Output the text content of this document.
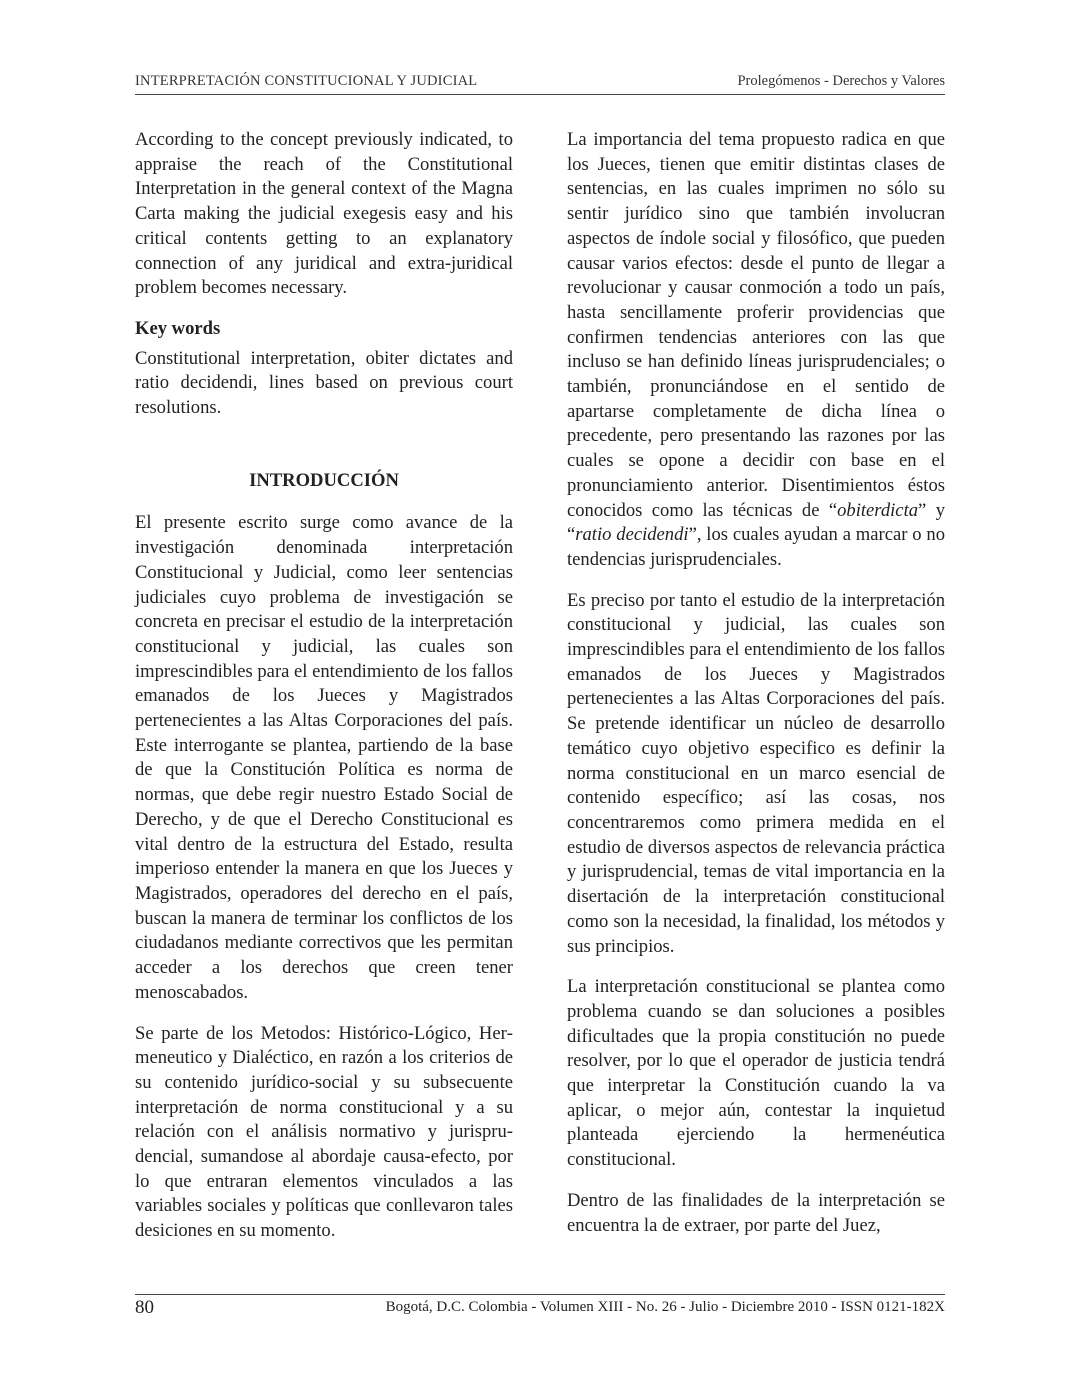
INTERPRETACIÓN CONSTITUCIONAL Y JUDICIAL	Prolegómenos - Derechos y Valores

According to the concept previously indicated, to appraise the reach of the Constitutional Interpretation in the general context of the Magna Carta making the judicial exegesis easy and his critical contents getting to an explanatory connection of any juridical and extra-juridical problem becomes necessary.

Key words

Constitutional interpretation, obiter dictates and ratio decidendi, lines based on previous court resolutions.

INTRODUCCIÓN

El presente escrito surge como avance de la investigación denominada interpretación Constitucional y Judicial, como leer sentencias judiciales cuyo problema de investigación se concreta en precisar el estudio de la interpretación constitucional y judicial, las cuales son imprescindibles para el entendimiento de los fallos emanados de los Jueces y Magistrados pertenecientes a las Altas Corporaciones del país. Este interrogante se plantea, partiendo de la base de que la Constitución Política es norma de normas, que debe regir nuestro Estado Social de Derecho, y de que el Derecho Constitucional es vital dentro de la estructura del Estado, resulta imperioso entender la manera en que los Jueces y Magistrados, operadores del derecho en el país, buscan la manera de terminar los conflictos de los ciudadanos mediante correctivos que les permitan acceder a los derechos que creen tener menoscabados.

Se parte de los Metodos: Histórico-Lógico, Hermeneutico y Dialéctico, en razón a los criterios de su contenido jurídico-social y su subsecuente interpretación de norma constitucional y a su relación con el análisis normativo y jurisprudencial, sumandose al abordaje causa-efecto, por lo que entraran elementos vinculados a las variables sociales y políticas que conllevaron tales desiciones en su momento.

La importancia del tema propuesto radica en que los Jueces, tienen que emitir distintas clases de sentencias, en las cuales imprimen no sólo su sentir jurídico sino que también involucran aspectos de índole social y filosófico, que pueden causar varios efectos: desde el punto de llegar a revolucionar y causar conmoción a todo un país, hasta sencillamente proferir providencias que confirmen tendencias anteriores con las que incluso se han definido líneas jurisprudenciales; o también, pronunciándose en el sentido de apartarse completamente de dicha línea o precedente, pero presentando las razones por las cuales se opone a decidir con base en el pronunciamiento anterior. Disentimientos éstos conocidos como las técnicas de “obiterdicta” y “ratio decidendi”, los cuales ayudan a marcar o no tendencias jurisprudenciales.

Es preciso por tanto el estudio de la interpretación constitucional y judicial, las cuales son imprescindibles para el entendimiento de los fallos emanados de los Jueces y Magistrados pertenecientes a las Altas Corporaciones del país. Se pretende identificar un núcleo de desarrollo temático cuyo objetivo especifico es definir la norma constitucional en un marco esencial de contenido específico; así las cosas, nos concentraremos como primera medida en el estudio de diversos aspectos de relevancia práctica y jurisprudencial, temas de vital importancia en la disertación de la interpretación constitucional como son la necesidad, la finalidad, los métodos y sus principios.

La interpretación constitucional se plantea como problema cuando se dan soluciones a posibles dificultades que la propia constitución no puede resolver, por lo que el operador de justicia tendrá que interpretar la Constitución cuando la va aplicar, o mejor aún, contestar la inquietud planteada ejerciendo la hermenéutica constitucional.

Dentro de las finalidades de la interpretación se encuentra la de extraer, por parte del Juez,

80	Bogotá, D.C. Colombia - Volumen XIII - No. 26 - Julio - Diciembre 2010 - ISSN 0121-182X
